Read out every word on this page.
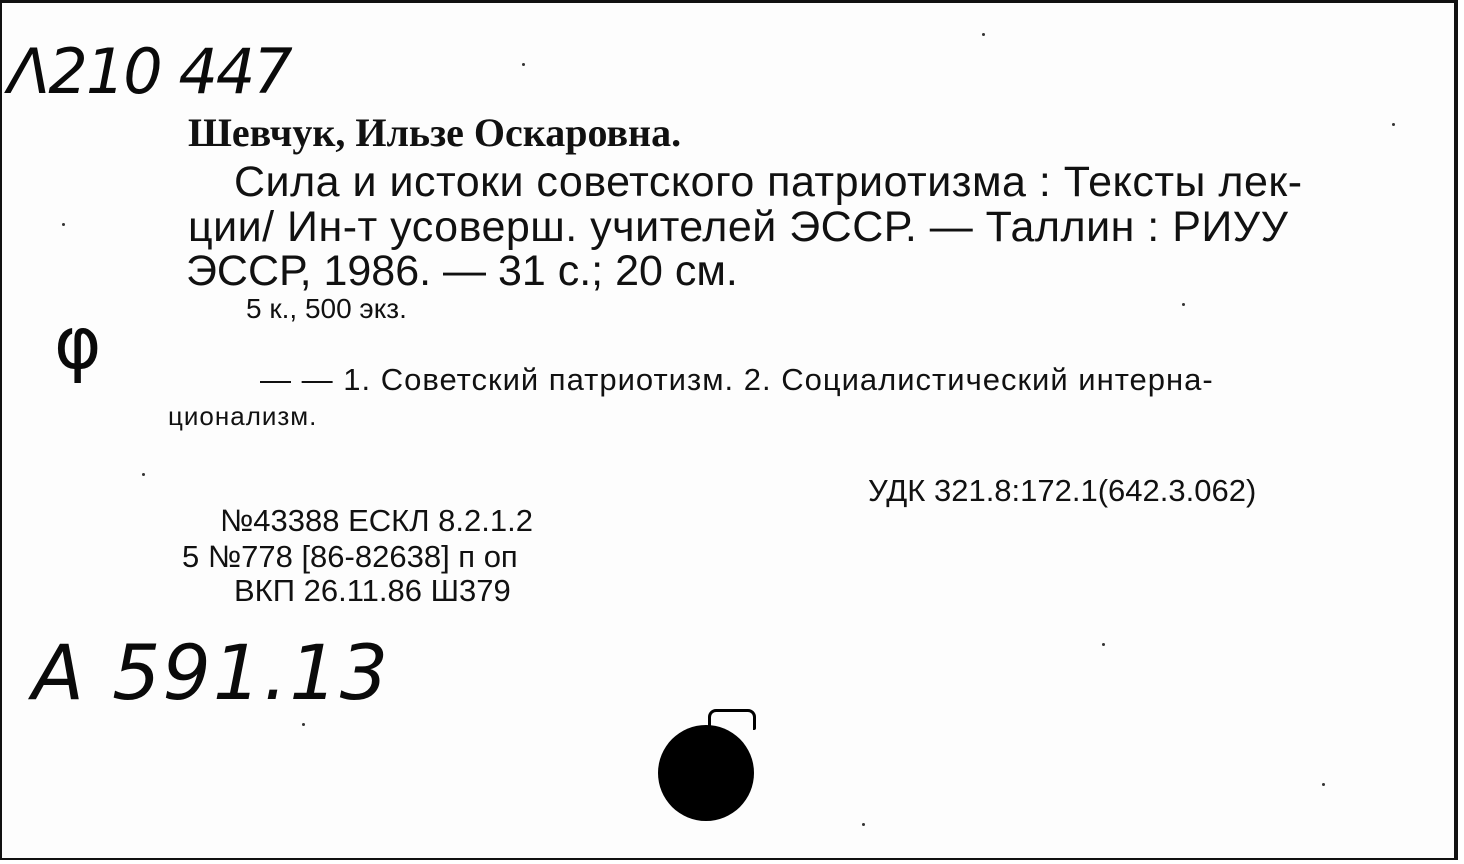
Λ210 447
φ
Шевчук, Ильзе Оскаровна.
Сила и истоки советского патриотизма : Тексты лек-
ции/ Ин-т усоверш. учителей ЭССР. — Таллин : РИУУ
ЭССР, 1986. — 31 с.; 20 см.
5 к., 500 экз.
— — 1. Советский патриотизм. 2. Социалистический интерна-
ционализм.
УДК 321.8:172.1(642.3.062)
№43388 ЕСКЛ 8.2.1.2
5 №778 [86-82638] п оп
ВКП 26.11.86 Ш379
A 591.13
